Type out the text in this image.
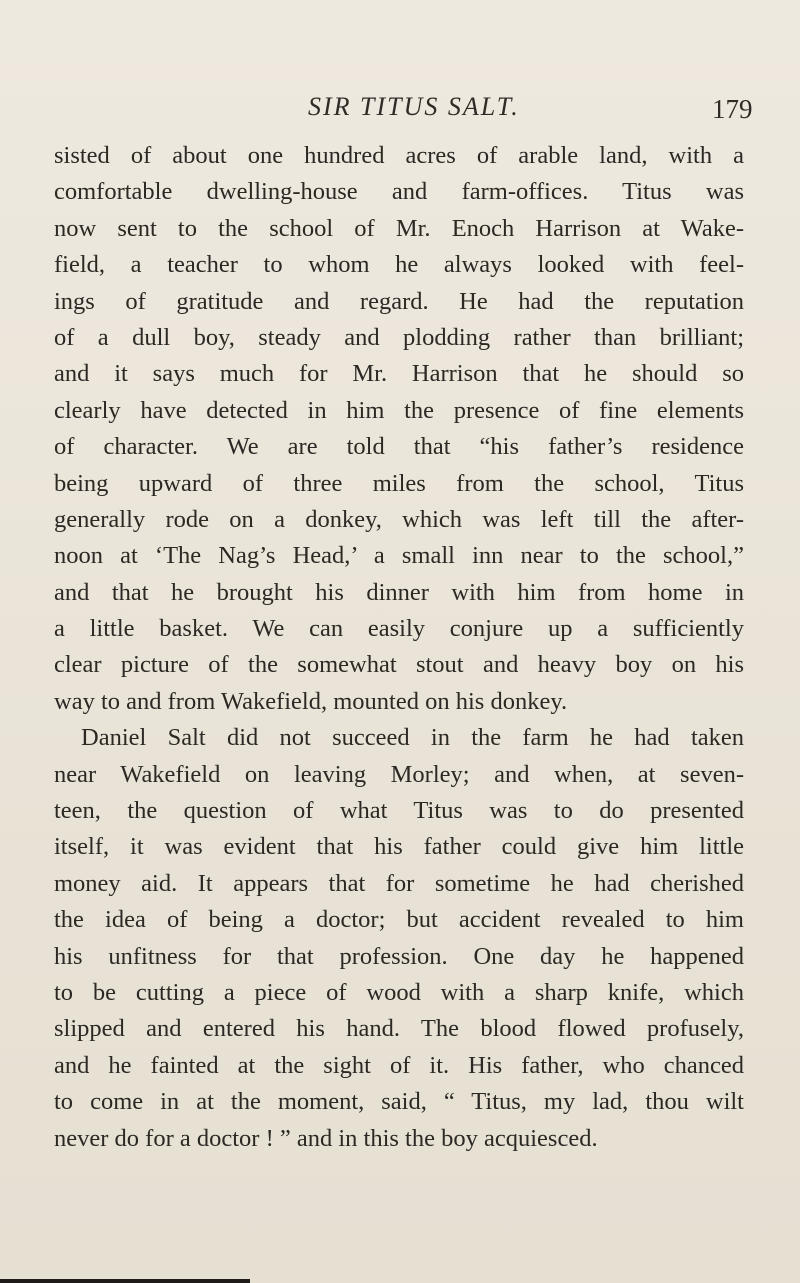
SIR TITUS SALT.	179
sisted of about one hundred acres of arable land, with a
comfortable dwelling-house and farm-offices. Titus was
now sent to the school of Mr. Enoch Harrison at Wake-
field, a teacher to whom he always looked with feel-
ings of gratitude and regard. He had the reputation
of a dull boy, steady and plodding rather than brilliant;
and it says much for Mr. Harrison that he should so
clearly have detected in him the presence of fine elements
of character. We are told that “his father’s residence
being upward of three miles from the school, Titus
generally rode on a donkey, which was left till the after-
noon at ‘The Nag’s Head,’ a small inn near to the school,”
and that he brought his dinner with him from home in
a little basket. We can easily conjure up a sufficiently
clear picture of the somewhat stout and heavy boy on his
way to and from Wakefield, mounted on his donkey.
Daniel Salt did not succeed in the farm he had taken
near Wakefield on leaving Morley; and when, at seven-
teen, the question of what Titus was to do presented
itself, it was evident that his father could give him little
money aid. It appears that for sometime he had cherished
the idea of being a doctor; but accident revealed to him
his unfitness for that profession. One day he happened
to be cutting a piece of wood with a sharp knife, which
slipped and entered his hand. The blood flowed profusely,
and he fainted at the sight of it. His father, who chanced
to come in at the moment, said, “ Titus, my lad, thou wilt
never do for a doctor ! ” and in this the boy acquiesced.
